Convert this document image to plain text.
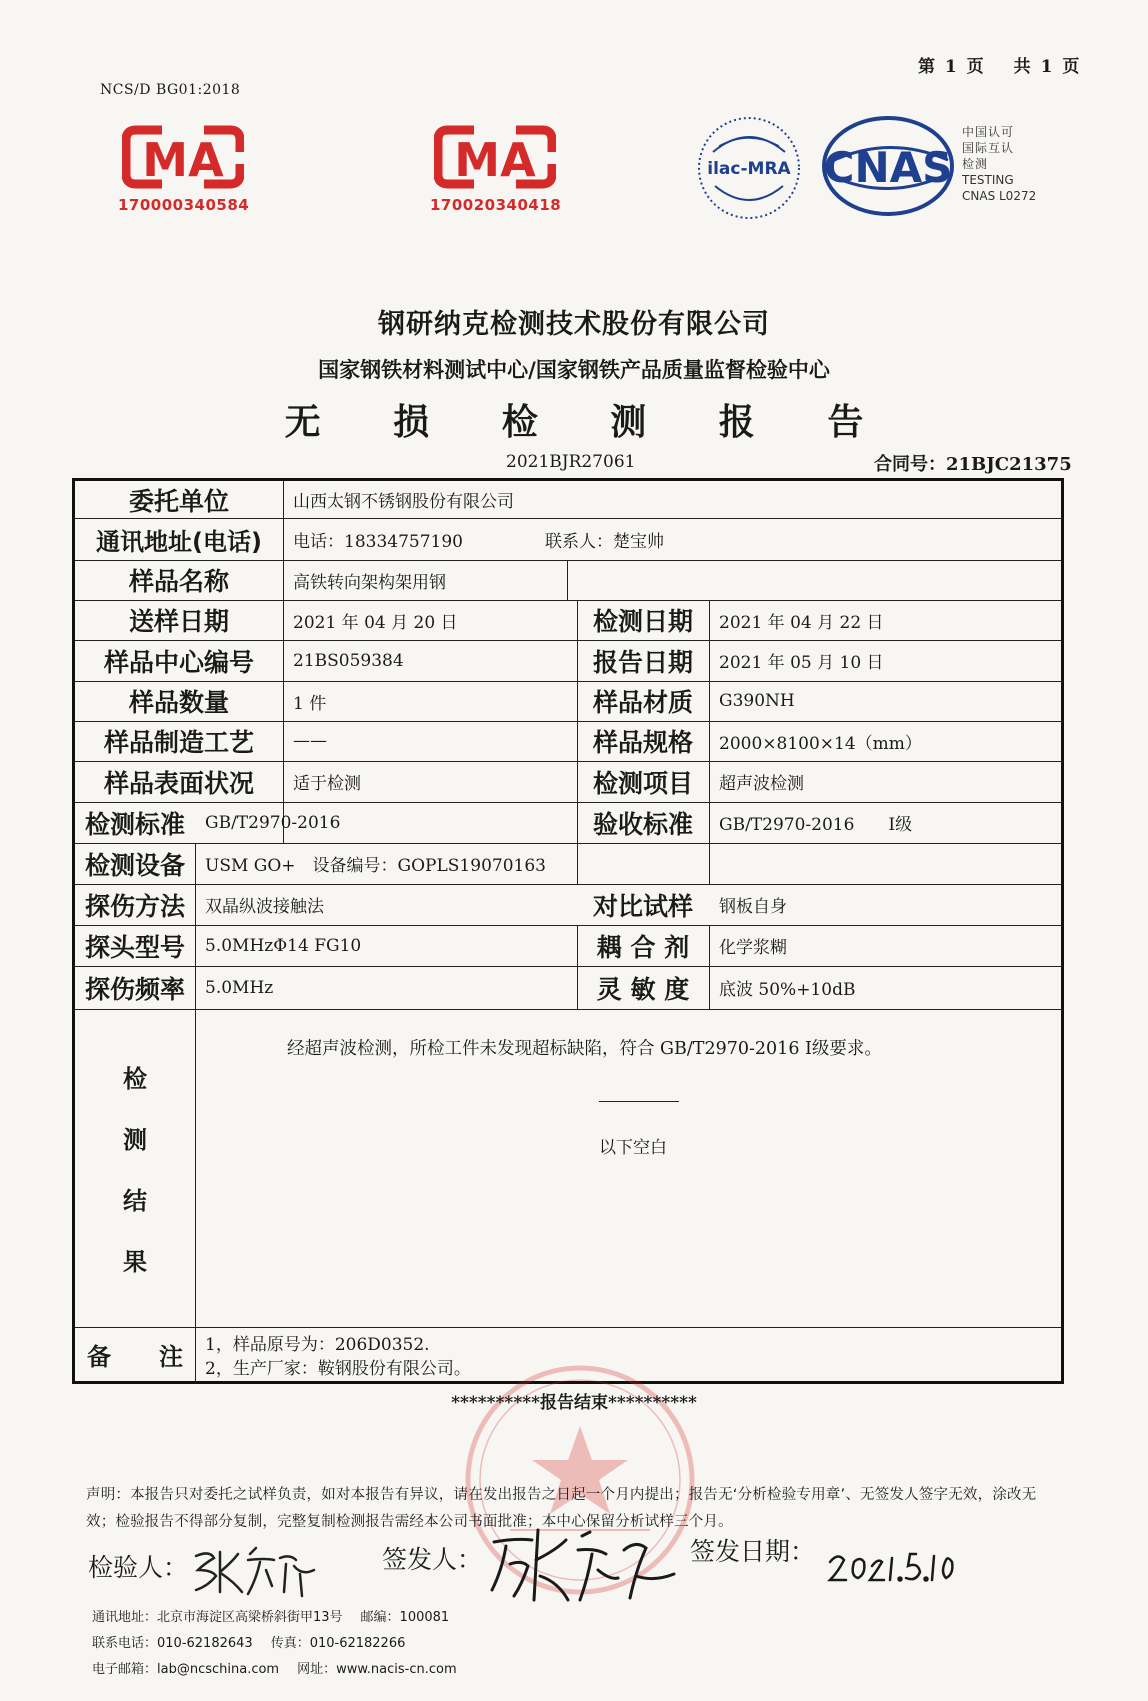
第 1 页 共 1 页
NCS/D BG01:2018
MA
170000340584
MA
170020340418
ilac-MRA CNAS
中国认可
国际互认
检测
TESTING
CNAS L0272
钢研纳克检测技术股份有限公司
国家钢铁材料测试中心/国家钢铁产品质量监督检验中心
无 损 检 测 报 告
2021BJR27061	合同号：21BJC21375
委托单位	山西太钢不锈钢股份有限公司
通讯地址(电话)	电话：18334757190	联系人：楚宝帅
样品名称	高铁转向架构架用钢
送样日期	2021 年 04 月 20 日	检测日期	2021 年 04 月 22 日
样品中心编号	21BS059384	报告日期	2021 年 05 月 10 日
样品数量	1 件	样品材质	G390NH
样品制造工艺	——	样品规格	2000×8100×14（mm）
样品表面状况	适于检测	检测项目	超声波检测
检测标准	GB/T2970-2016	验收标准	GB/T2970-2016　　Ⅰ级
检测设备	USM GO+　设备编号：GOPLS19070163
探伤方法	双晶纵波接触法	对比试样	钢板自身
探头型号	5.0MHzΦ14 FG10	耦 合 剂	化学浆糊
探伤频率	5.0MHz	灵 敏 度	底波 50%+10dB
检
测
结
果
经超声波检测，所检工件未发现超标缺陷，符合 GB/T2970-2016 Ⅰ级要求。
以下空白
备　　注	1，样品原号为：206D0352.
2，生产厂家：鞍钢股份有限公司。
**********报告结束**********
声明：本报告只对委托之试样负责，如对本报告有异议，请在发出报告之日起一个月内提出；报告无‘分析检验专用章’、无签发人签字无效，涂改无效；检验报告不得部分复制，完整复制检测报告需经本公司书面批准；本中心保留分析试样三个月。
检验人：	签发人：	签发日期：
通讯地址：北京市海淀区高梁桥斜街甲13号 邮编：100081
联系电话：010-62182643 传真：010-62182266
电子邮箱：lab@ncschina.com 网址：www.nacis-cn.com
